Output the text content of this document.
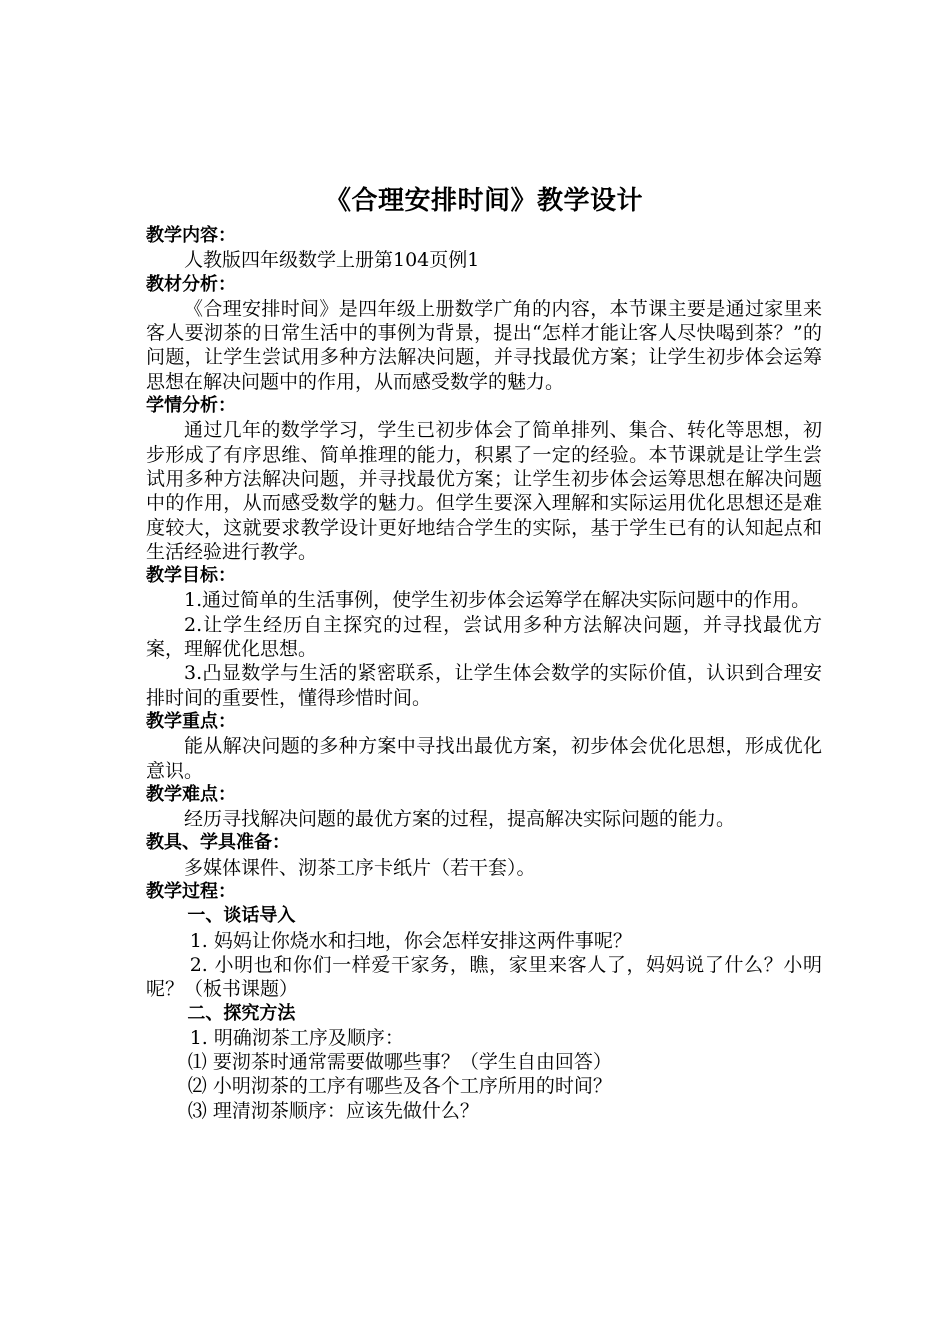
《合理安排时间》教学设计
教学内容：

人教版四年级数学上册第104页例1

教材分析：

《合理安排时间》是四年级上册数学广角的内容，本节课主要是通过家里来客人要沏茶的日常生活中的事例为背景，提出“怎样才能让客人尽快喝到茶？”的问题，让学生尝试用多种方法解决问题，并寻找最优方案；让学生初步体会运筹思想在解决问题中的作用，从而感受数学的魅力。

学情分析：

通过几年的数学学习，学生已初步体会了简单排列、集合、转化等思想，初步形成了有序思维、简单推理的能力，积累了一定的经验。本节课就是让学生尝试用多种方法解决问题，并寻找最优方案；让学生初步体会运筹思想在解决问题中的作用，从而感受数学的魅力。但学生要深入理解和实际运用优化思想还是难度较大，这就要求教学设计更好地结合学生的实际，基于学生已有的认知起点和生活经验进行教学。

教学目标：

1.通过简单的生活事例，使学生初步体会运筹学在解决实际问题中的作用。

2.让学生经历自主探究的过程，尝试用多种方法解决问题，并寻找最优方案，理解优化思想。

3.凸显数学与生活的紧密联系，让学生体会数学的实际价值，认识到合理安排时间的重要性，懂得珍惜时间。

教学重点：

能从解决问题的多种方案中寻找出最优方案，初步体会优化思想，形成优化意识。

教学难点：

经历寻找解决问题的最优方案的过程，提高解决实际问题的能力。

教具、学具准备：

多媒体课件、沏茶工序卡纸片（若干套）。

教学过程：
一、谈话导入

1. 妈妈让你烧水和扫地，你会怎样安排这两件事呢？

2. 小明也和你们一样爱干家务，瞧，家里来客人了，妈妈说了什么？小明呢？（板书课题）

二、探究方法

1. 明确沏茶工序及顺序：

⑴ 要沏茶时通常需要做哪些事？（学生自由回答）

⑵ 小明沏茶的工序有哪些及各个工序所用的时间？

⑶ 理清沏茶顺序：应该先做什么？
